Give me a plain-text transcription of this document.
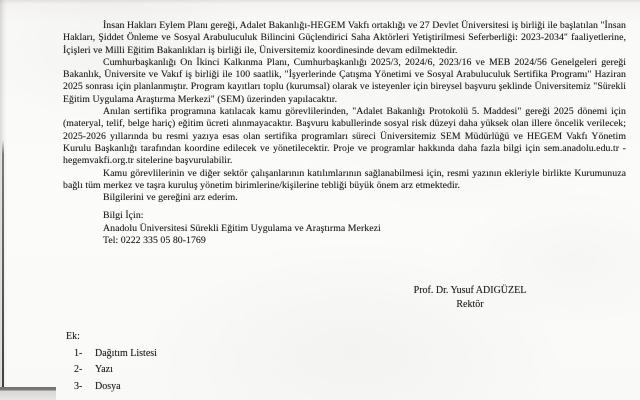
İnsan Hakları Eylem Planı gereği, Adalet Bakanlığı-HEGEM Vakfı ortaklığı ve 27 Devlet Üniversitesi iş birliği ile başlatılan "İnsan Hakları, Şiddet Önleme ve Sosyal Arabuluculuk Bilincini Güçlendirici Saha Aktörleri Yetiştirilmesi Seferberliği: 2023-2034" faaliyetlerine, İçişleri ve Milli Eğitim Bakanlıkları iş birliği ile, Üniversitemiz koordinesinde devam edilmektedir.

Cumhurbaşkanlığı On İkinci Kalkınma Planı, Cumhurbaşkanlığı 2025/3, 2024/6, 2023/16 ve MEB 2024/56 Genelgeleri gereği Bakanlık, Üniversite ve Vakıf iş birliği ile 100 saatlik, "İşyerlerinde Çatışma Yönetimi ve Sosyal Arabuluculuk Sertifika Programı" Haziran 2025 sonrası için planlanmıştır. Program kayıtları toplu (kurumsal) olarak ve isteyenler için bireysel başvuru şeklinde Üniversitemiz "Sürekli Eğitim Uygulama Araştırma Merkezi" (SEM) üzerinden yapılacaktır.

Anılan sertifika programına katılacak kamu görevlilerinden, "Adalet Bakanlığı Protokolü 5. Maddesi" gereği 2025 dönemi için (materyal, telif, belge hariç) eğitim ücreti alınmayacaktır. Başvuru kabullerinde sosyal risk düzeyi daha yüksek olan illere öncelik verilecek; 2025-2026 yıllarında bu resmi yazıya esas olan sertifika programları süreci Üniversitemiz SEM Müdürlüğü ve HEGEM Vakfı Yönetim Kurulu Başkanlığı tarafından koordine edilecek ve yönetilecektir. Proje ve programlar hakkında daha fazla bilgi için sem.anadolu.edu.tr - hegemvakfi.org.tr sitelerine başvurulabilir.

Kamu görevlilerinin ve diğer sektör çalışanlarının katılımlarının sağlanabilmesi için, resmi yazının ekleriyle birlikte Kurumunuza bağlı tüm merkez ve taşra kuruluş yönetim birimlerine/kişilerine tebliği büyük önem arz etmektedir.

Bilgilerini ve gereğini arz ederim.

Bilgi İçin:
Anadolu Üniversitesi Sürekli Eğitim Uygulama ve Araştırma Merkezi
Tel: 0222 335 05 80-1769
Prof. Dr. Yusuf ADIGÜZEL
Rektör
Ek:
1-	Dağıtım Listesi
2-	Yazı
3-	Dosya
